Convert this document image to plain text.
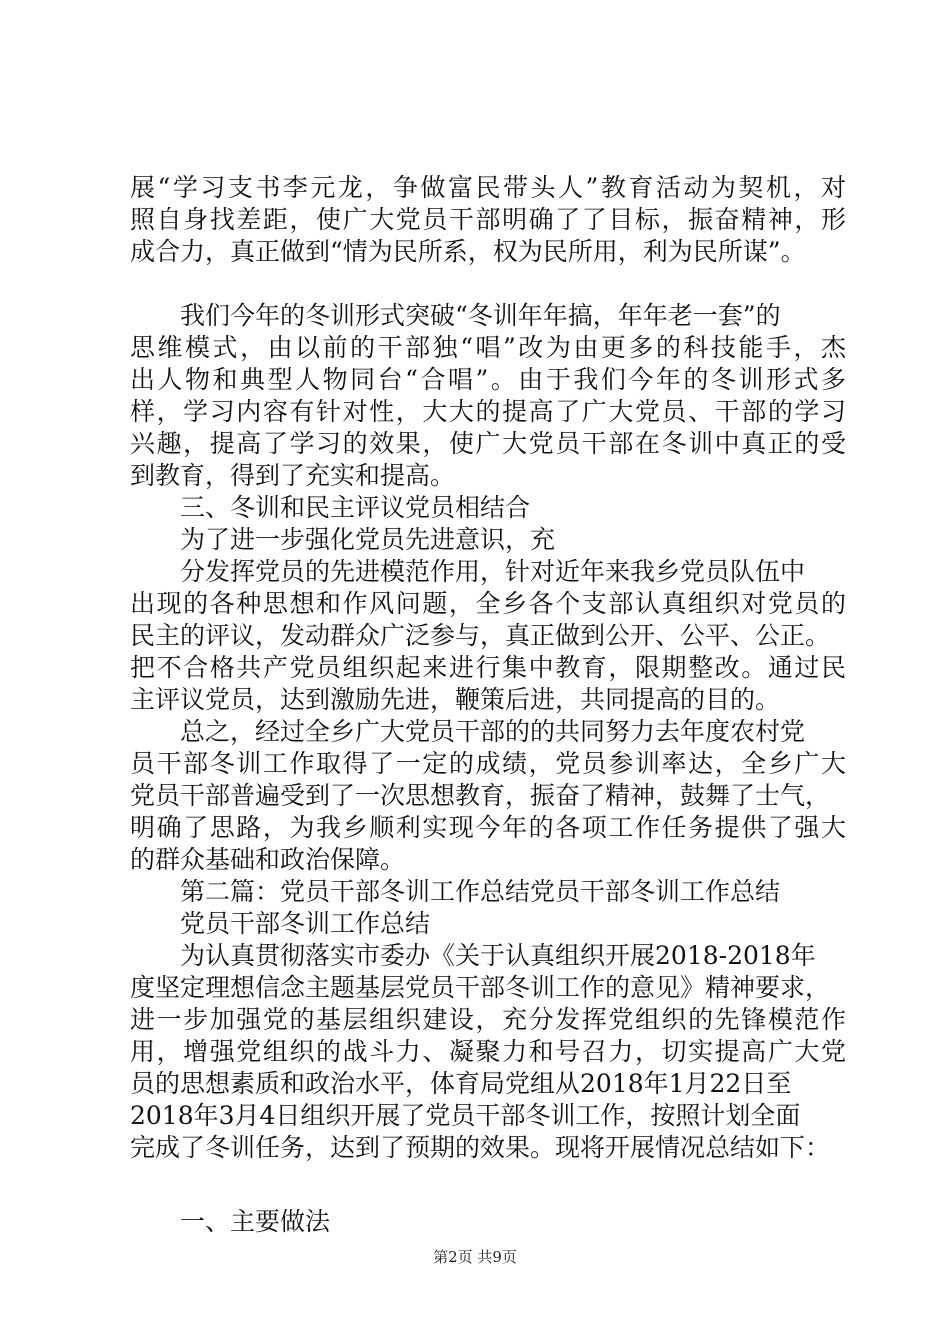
展“学习支书李元龙，争做富民带头人”教育活动为契机，对
照自身找差距，使广大党员干部明确了了目标，振奋精神，形
成合力，真正做到“情为民所系，权为民所用，利为民所谋”。
我们今年的冬训形式突破“冬训年年搞，年年老一套”的
思维模式，由以前的干部独“唱”改为由更多的科技能手，杰
出人物和典型人物同台“合唱”。由于我们今年的冬训形式多
样，学习内容有针对性，大大的提高了广大党员、干部的学习
兴趣，提高了学习的效果，使广大党员干部在冬训中真正的受
到教育，得到了充实和提高。
三、冬训和民主评议党员相结合
为了进一步强化党员先进意识，充
分发挥党员的先进模范作用，针对近年来我乡党员队伍中
出现的各种思想和作风问题，全乡各个支部认真组织对党员的
民主的评议，发动群众广泛参与，真正做到公开、公平、公正。
把不合格共产党员组织起来进行集中教育，限期整改。通过民
主评议党员，达到激励先进，鞭策后进，共同提高的目的。
总之，经过全乡广大党员干部的的共同努力去年度农村党
员干部冬训工作取得了一定的成绩，党员参训率达，全乡广大
党员干部普遍受到了一次思想教育，振奋了精神，鼓舞了士气，
明确了思路，为我乡顺利实现今年的各项工作任务提供了强大
的群众基础和政治保障。
第二篇：党员干部冬训工作总结党员干部冬训工作总结
党员干部冬训工作总结
为认真贯彻落实市委办《关于认真组织开展2018-2018年
度坚定理想信念主题基层党员干部冬训工作的意见》精神要求，
进一步加强党的基层组织建设，充分发挥党组织的先锋模范作
用，增强党组织的战斗力、凝聚力和号召力，切实提高广大党
员的思想素质和政治水平，体育局党组从2018年1月22日至
2018年3月4日组织开展了党员干部冬训工作，按照计划全面
完成了冬训任务，达到了预期的效果。现将开展情况总结如下：
一、主要做法
第2页 共9页
